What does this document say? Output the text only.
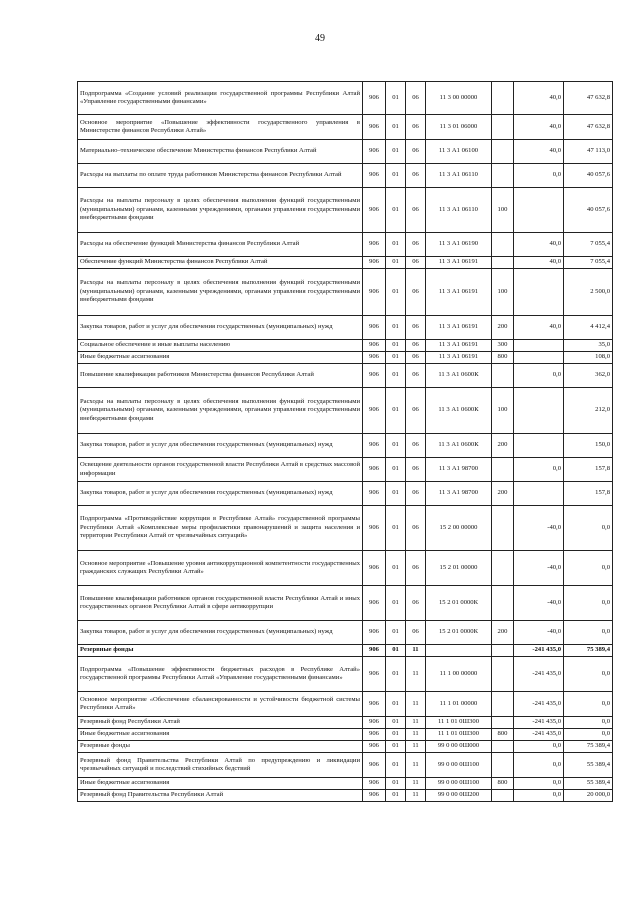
49
Подпрограмма «Создание условий реализации государственной программы Республики Алтай «Управление государственными финансами»	906	01	06	11 3 00 00000		40,0	47 632,8
Основное мероприятие «Повышение эффективности государственного управления в Министерстве финансов Республики Алтай»	906	01	06	11 3 01 06000		40,0	47 632,8
Материально–техническое обеспечение Министерства финансов Республики Алтай	906	01	06	11 3 А1 06100		40,0	47 113,0
Расходы на выплаты по оплате труда работников Министерства финансов Республики Алтай	906	01	06	11 3 А1 06110		0,0	40 057,6
Расходы на выплаты персоналу в целях обеспечения выполнения функций государственными (муниципальными) органами, казенными учреждениями, органами управления государственными внебюджетными фондами	906	01	06	11 3 А1 06110	100		40 057,6
Расходы на обеспечение функций Министерства финансов Республики Алтай	906	01	06	11 3 А1 06190		40,0	7 055,4
Обеспечение функций Министерства финансов Республики Алтай	906	01	06	11 3 А1 06191		40,0	7 055,4
Расходы на выплаты персоналу в целях обеспечения выполнения функций государственными (муниципальными) органами, казенными учреждениями, органами управления государственными внебюджетными фондами	906	01	06	11 3 А1 06191	100		2 500,0
Закупка товаров, работ и услуг для обеспечения государственных (муниципальных) нужд	906	01	06	11 3 А1 06191	200	40,0	4 412,4
Социальное обеспечение и иные выплаты населению	906	01	06	11 3 А1 06191	300		35,0
Иные бюджетные ассигнования	906	01	06	11 3 А1 06191	800		108,0
Повышение квалификации работников Министерства финансов Республики Алтай	906	01	06	11 3 А1 0600К		0,0	362,0
Расходы на выплаты персоналу в целях обеспечения выполнения функций государственными (муниципальными) органами, казенными учреждениями, органами управления государственными внебюджетными фондами	906	01	06	11 3 А1 0600К	100		212,0
Закупка товаров, работ и услуг для обеспечения государственных (муниципальных) нужд	906	01	06	11 3 А1 0600К	200		150,0
Освещение деятельности органов государственной власти Республики Алтай в средствах массовой информации	906	01	06	11 3 А1 98700		0,0	157,8
Закупка товаров, работ и услуг для обеспечения государственных (муниципальных) нужд	906	01	06	11 3 А1 98700	200		157,8
Подпрограмма «Противодействие коррупции в Республике Алтай» государственной программы Республики Алтай «Комплексные меры профилактики правонарушений и защита населения и территории Республики Алтай от чрезвычайных ситуаций»	906	01	06	15 2 00 00000		-40,0	0,0
Основное мероприятие «Повышение уровня антикоррупционной компетентности государственных гражданских служащих Республики Алтай»	906	01	06	15 2 01 00000		-40,0	0,0
Повышение квалификации работников органов государственной власти Республики Алтай и иных государственных органов Республики Алтай в сфере антикоррупции	906	01	06	15 2 01 0000К		-40,0	0,0
Закупка товаров, работ и услуг для обеспечения государственных (муниципальных) нужд	906	01	06	15 2 01 0000К	200	-40,0	0,0
Резервные фонды	906	01	11			-241 435,0	75 389,4
Подпрограмма «Повышение эффективности бюджетных расходов в Республике Алтай» государственной программы Республики Алтай «Управление государственными финансами»	906	01	11	11 1 00 00000		-241 435,0	0,0
Основное мероприятие «Обеспечение сбалансированности и устойчивости бюджетной системы Республики Алтай»	906	01	11	11 1 01 00000		-241 435,0	0,0
Резервный фонд Республики Алтай	906	01	11	11 1 01 0Ш300		-241 435,0	0,0
Иные бюджетные ассигнования	906	01	11	11 1 01 0Ш300	800	-241 435,0	0,0
Резервные фонды	906	01	11	99 0 00 0Ш000		0,0	75 389,4
Резервный фонд Правительства Республики Алтай по предупреждению и ликвидации чрезвычайных ситуаций и последствий стихийных бедствий	906	01	11	99 0 00 0Ш100		0,0	55 389,4
Иные бюджетные ассигнования	906	01	11	99 0 00 0Ш100	800	0,0	55 389,4
Резервный фонд Правительства Республики Алтай	906	01	11	99 0 00 0Ш200		0,0	20 000,0
